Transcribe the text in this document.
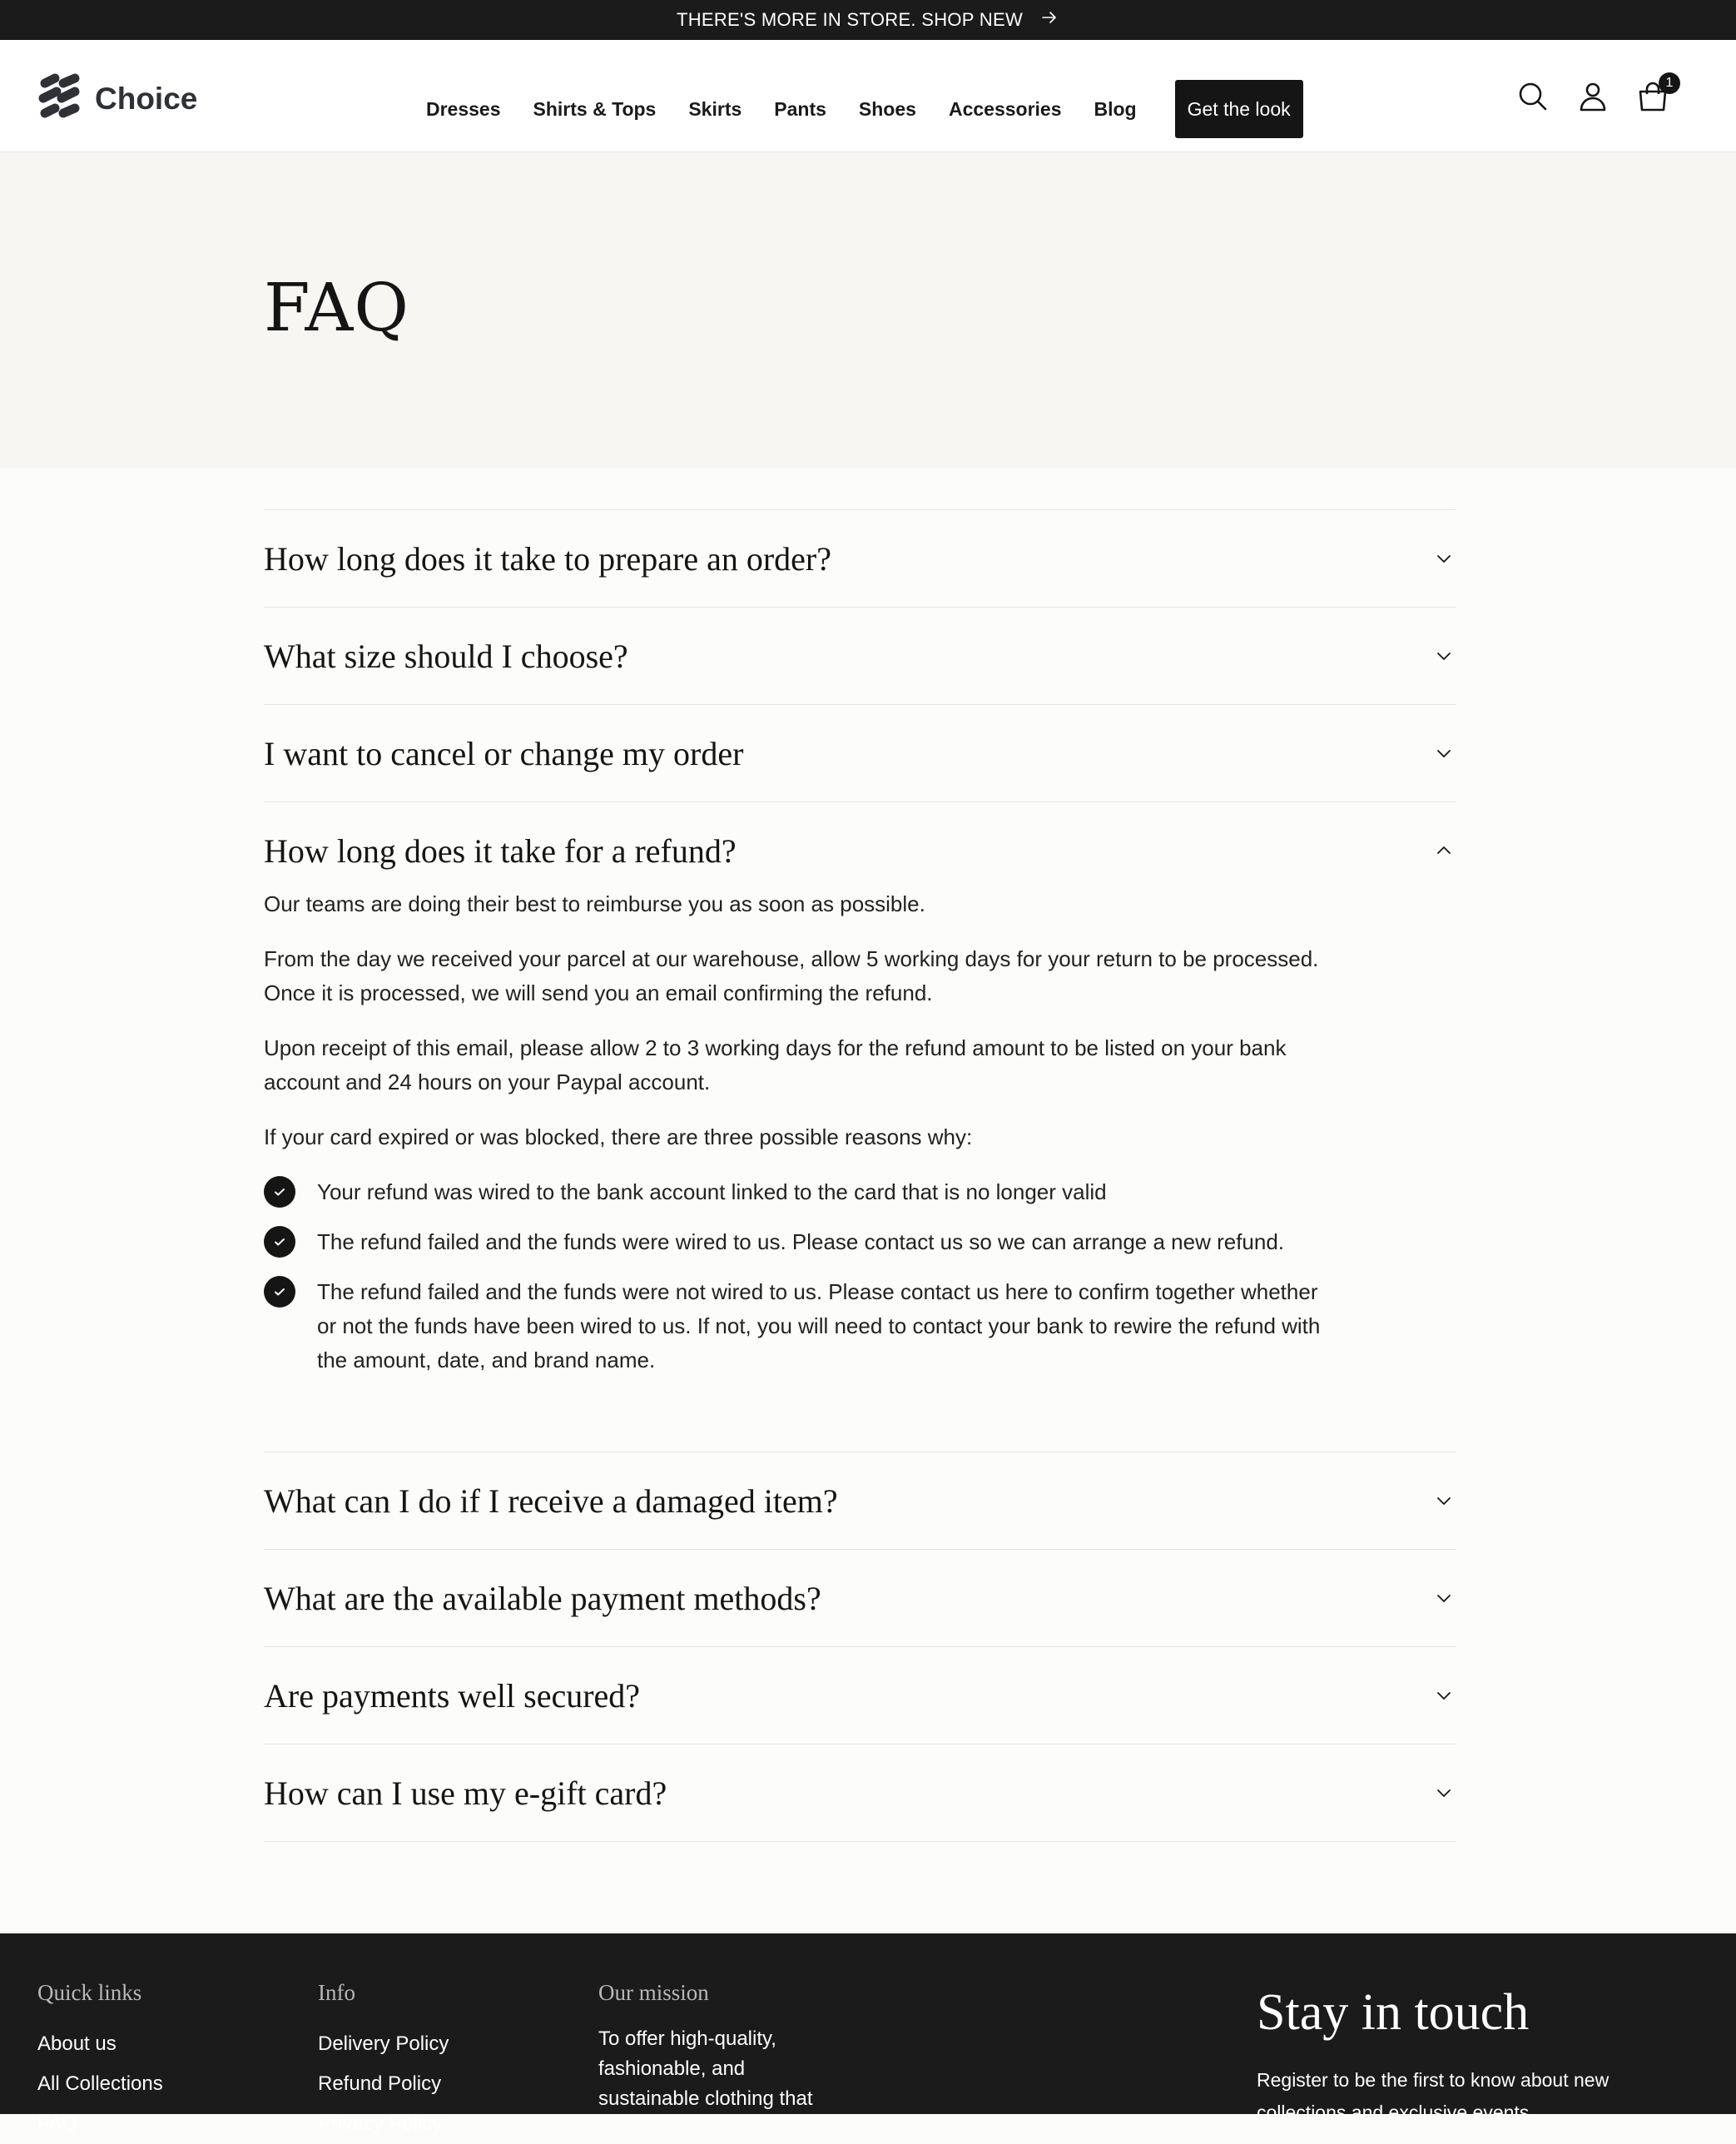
THERE'S MORE IN STORE. SHOP NEW
Choice	Dresses Shirts & Tops Skirts Pants Shoes Accessories Blog	Get the look
1
FAQ
How long does it take to prepare an order?
What size should I choose?
I want to cancel or change my order
How long does it take for a refund?

Our teams are doing their best to reimburse you as soon as possible.

From the day we received your parcel at our warehouse, allow 5 working days for your return to be processed. Once it is processed, we will send you an email confirming the refund.

Upon receipt of this email, please allow 2 to 3 working days for the refund amount to be listed on your bank account and 24 hours on your Paypal account.

If your card expired or was blocked, there are three possible reasons why:

Your refund was wired to the bank account linked to the card that is no longer valid
The refund failed and the funds were wired to us. Please contact us so we can arrange a new refund.
The refund failed and the funds were not wired to us. Please contact us here to confirm together whether or not the funds have been wired to us. If not, you will need to contact your bank to rewire the refund with the amount, date, and brand name.
What can I do if I receive a damaged item?
What are the available payment methods?
Are payments well secured?
How can I use my e-gift card?
Quick links
About us
All Collections
FAQ
Info
Delivery Policy
Refund Policy
Privacy Policy
Our mission
To offer high-quality, fashionable, and sustainable clothing that
Stay in touch
Register to be the first to know about new collections and exclusive events.
